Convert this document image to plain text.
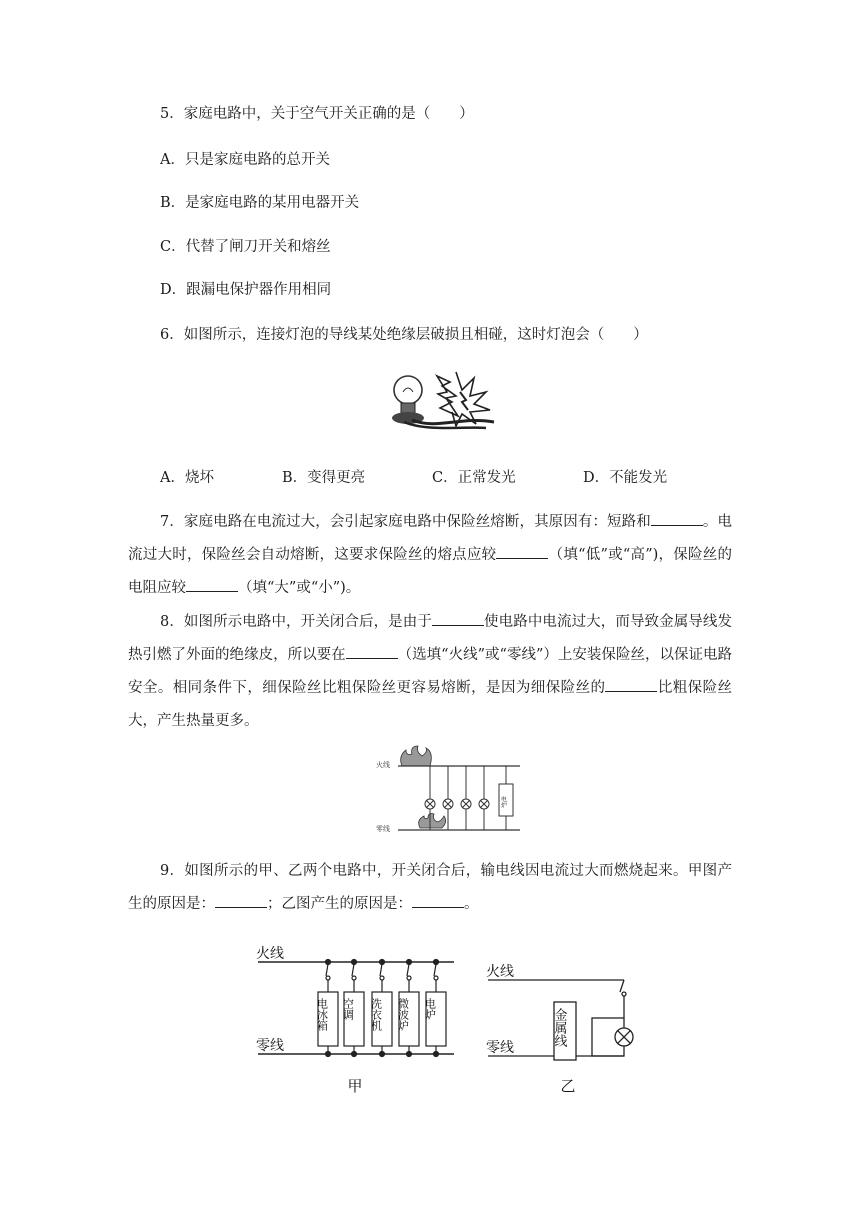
5．家庭电路中，关于空气开关正确的是（　　）
A．只是家庭电路的总开关
B．是家庭电路的某用电器开关
C．代替了闸刀开关和熔丝
D．跟漏电保护器作用相同
6．如图所示，连接灯泡的导线某处绝缘层破损且相碰，这时灯泡会（　　）
A．烧坏	B．变得更亮	C．正常发光	D．不能发光
7．家庭电路在电流过大，会引起家庭电路中保险丝熔断，其原因有：短路和	。电流过大时，保险丝会自动熔断，这要求保险丝的熔点应较	（填“低”或“高”)，保险丝的电阻应较	（填“大”或“小”)。
8．如图所示电路中，开关闭合后，是由于	使电路中电流过大，而导致金属导线发热引燃了外面的绝缘皮，所以要在	（选填“火线”或“零线”）上安装保险丝，以保证电路安全。相同条件下，细保险丝比粗保险丝更容易熔断，是因为细保险丝的	比粗保险丝大，产生热量更多。
火线
零线
电炉
9．如图所示的甲、乙两个电路中，开关闭合后，输电线因电流过大而燃烧起来。甲图产生的原因是：	；乙图产生的原因是：	。
火线
零线
电冰箱 空调 洗衣机 微波炉 电炉
甲
火线
零线
金属线
乙
